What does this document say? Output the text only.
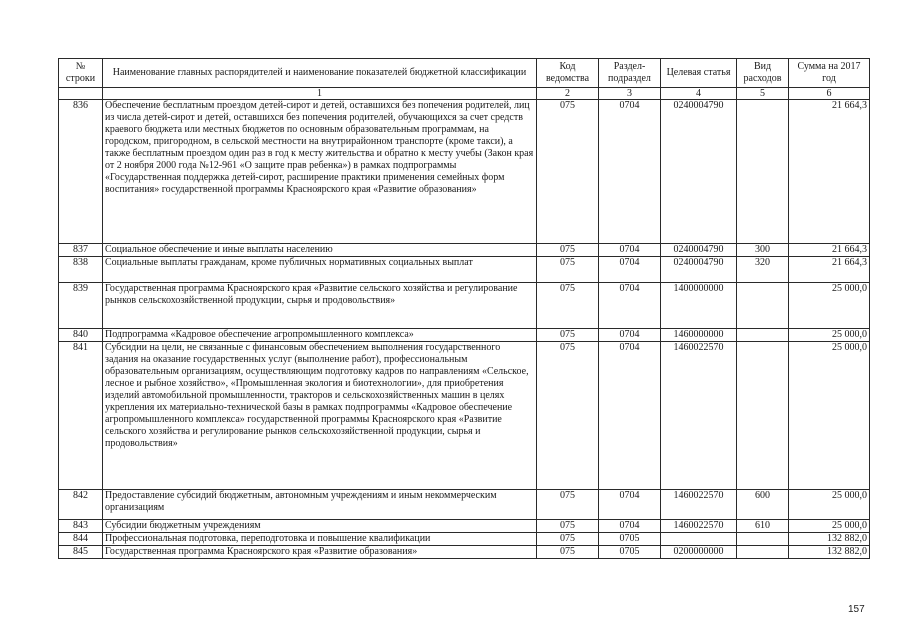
№ строки	Наименование главных распорядителей и наименование показателей бюджетной классификации	Код ведомства	Раздел-подраздел	Целевая статья	Вид расходов	Сумма на 2017 год
	1	2	3	4	5	6
836	Обеспечение бесплатным проездом детей-сирот и детей, оставшихся без попечения родителей, лиц из числа детей-сирот и детей, оставшихся без попечения родителей, обучающихся за счет средств краевого бюджета или местных бюджетов по основным образовательным программам, на городском, пригородном, в сельской местности на внутрирайонном транспорте (кроме такси), а также бесплатным проездом один раз в год к месту жительства и обратно к месту учебы (Закон края от 2 ноября 2000 года №12-961 «О защите прав ребенка») в рамках подпрограммы «Государственная поддержка детей-сирот, расширение практики применения семейных форм воспитания» государственной программы Красноярского края «Развитие образования»	075	0704	0240004790		21 664,3
837	Социальное обеспечение и иные выплаты населению	075	0704	0240004790	300	21 664,3
838	Социальные выплаты гражданам, кроме публичных нормативных социальных выплат	075	0704	0240004790	320	21 664,3
839	Государственная программа Красноярского края «Развитие сельского хозяйства и регулирование рынков сельскохозяйственной продукции, сырья и продовольствия»	075	0704	1400000000		25 000,0
840	Подпрограмма «Кадровое обеспечение агропромышленного комплекса»	075	0704	1460000000		25 000,0
841	Субсидии на цели, не связанные с финансовым обеспечением выполнения государственного задания на оказание государственных услуг (выполнение работ), профессиональным образовательным организациям, осуществляющим подготовку кадров по направлениям «Сельское, лесное и рыбное хозяйство», «Промышленная экология и биотехнологии», для приобретения изделий автомобильной промышленности, тракторов и сельскохозяйственных машин в целях укрепления их материально-технической базы в рамках подпрограммы «Кадровое обеспечение агропромышленного комплекса» государственной программы Красноярского края «Развитие сельского хозяйства и регулирование рынков сельскохозяйственной продукции, сырья и продовольствия»	075	0704	1460022570		25 000,0
842	Предоставление субсидий бюджетным, автономным учреждениям и иным некоммерческим организациям	075	0704	1460022570	600	25 000,0
843	Субсидии бюджетным учреждениям	075	0704	1460022570	610	25 000,0
844	Профессиональная подготовка, переподготовка и повышение квалификации	075	0705			132 882,0
845	Государственная программа Красноярского края «Развитие образования»	075	0705	0200000000		132 882,0
157
